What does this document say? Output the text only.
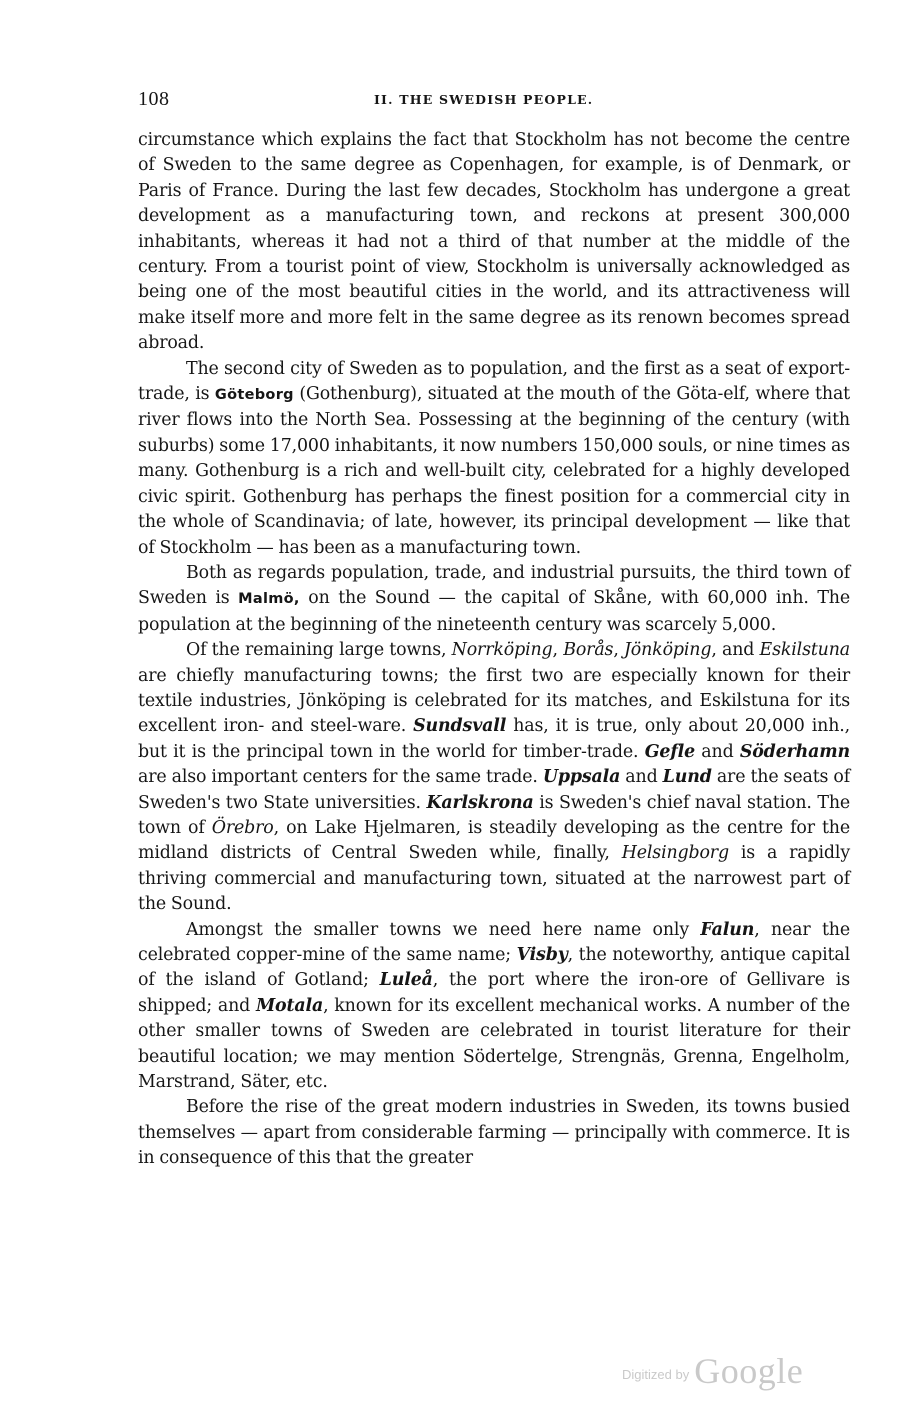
108	II. THE SWEDISH PEOPLE.

circumstance which explains the fact that Stockholm has not become the centre of Sweden to the same degree as Copenhagen, for example, is of Denmark, or Paris of France. During the last few decades, Stockholm has undergone a great development as a manufacturing town, and reckons at present 300,000 inhabitants, whereas it had not a third of that number at the middle of the century. From a tourist point of view, Stockholm is universally acknowledged as being one of the most beautiful cities in the world, and its attractiveness will make itself more and more felt in the same degree as its renown becomes spread abroad.

The second city of Sweden as to population, and the first as a seat of export-trade, is Göteborg (Gothenburg), situated at the mouth of the Göta-elf, where that river flows into the North Sea. Possessing at the beginning of the century (with suburbs) some 17,000 inhabitants, it now numbers 150,000 souls, or nine times as many. Gothenburg is a rich and well-built city, celebrated for a highly developed civic spirit. Gothenburg has perhaps the finest position for a commercial city in the whole of Scandinavia; of late, however, its principal development — like that of Stockholm — has been as a manufacturing town.

Both as regards population, trade, and industrial pursuits, the third town of Sweden is Malmö, on the Sound — the capital of Skåne, with 60,000 inh. The population at the beginning of the nineteenth century was scarcely 5,000.

Of the remaining large towns, Norrköping, Borås, Jönköping, and Eskilstuna are chiefly manufacturing towns; the first two are especially known for their textile industries, Jönköping is celebrated for its matches, and Eskilstuna for its excellent iron- and steel-ware. Sundsvall has, it is true, only about 20,000 inh., but it is the principal town in the world for timber-trade. Gefle and Söderhamn are also important centers for the same trade. Uppsala and Lund are the seats of Sweden's two State universities. Karlskrona is Sweden's chief naval station. The town of Örebro, on Lake Hjelmaren, is steadily developing as the centre for the midland districts of Central Sweden while, finally, Helsingborg is a rapidly thriving commercial and manufacturing town, situated at the narrowest part of the Sound.

Amongst the smaller towns we need here name only Falun, near the celebrated copper-mine of the same name; Visby, the noteworthy, antique capital of the island of Gotland; Luleå, the port where the iron-ore of Gellivare is shipped; and Motala, known for its excellent mechanical works. A number of the other smaller towns of Sweden are celebrated in tourist literature for their beautiful location; we may mention Södertelge, Strengnäs, Grenna, Engelholm, Marstrand, Säter, etc.

Before the rise of the great modern industries in Sweden, its towns busied themselves — apart from considerable farming — principally with commerce. It is in consequence of this that the greater

$^{Digitized by}$ Google
